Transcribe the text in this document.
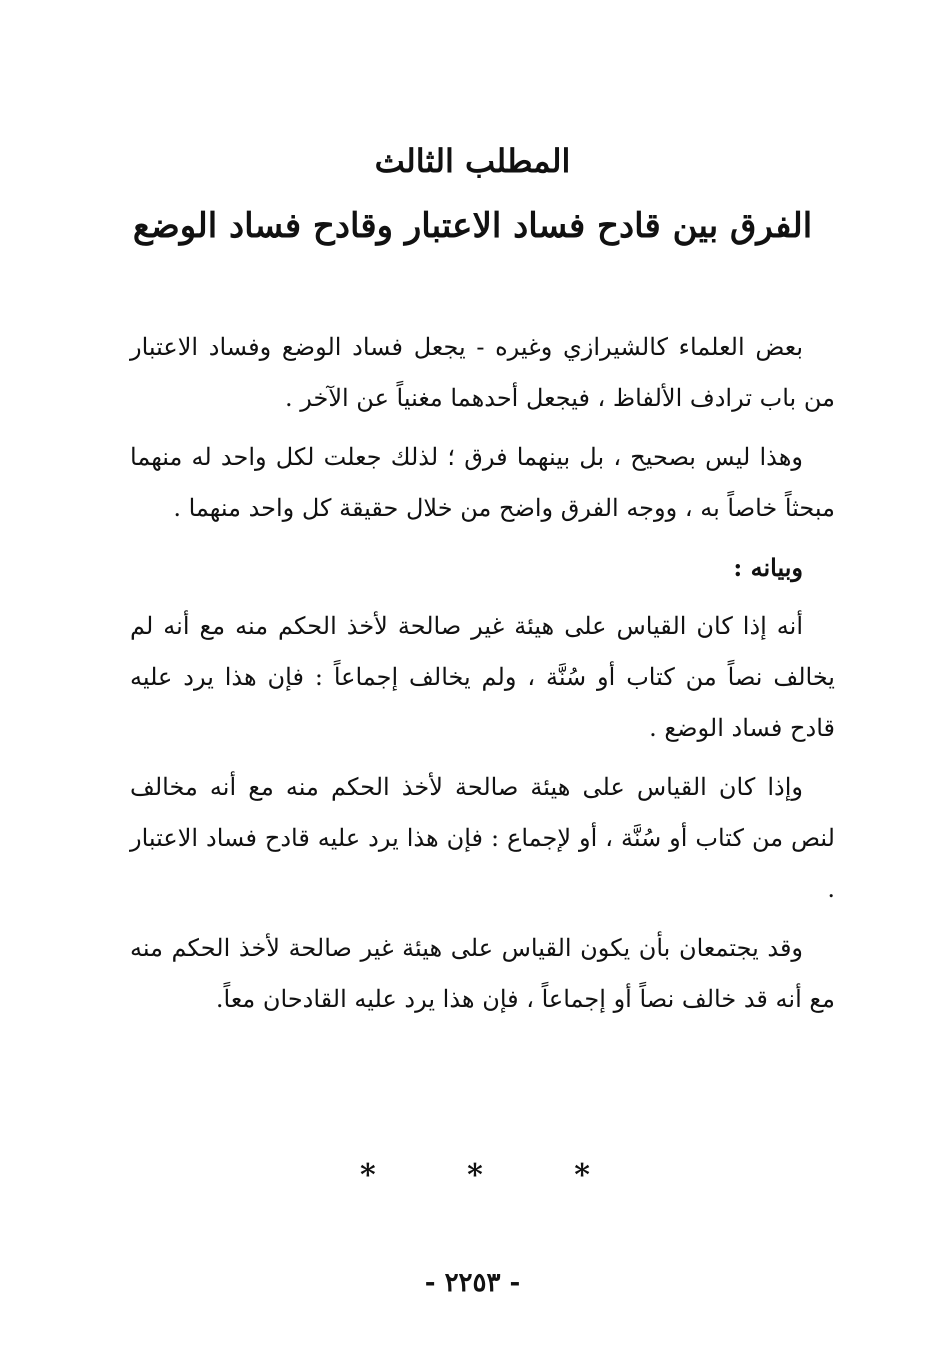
المطلب الثالث

الفرق بين قادح فساد الاعتبار وقادح فساد الوضع

بعض العلماء كالشيرازي وغيره - يجعل فساد الوضع وفساد الاعتبار من باب ترادف الألفاظ ، فيجعل أحدهما مغنياً عن الآخر .

وهذا ليس بصحيح ، بل بينهما فرق ؛ لذلك جعلت لكل واحد له منهما مبحثاً خاصاً به ، ووجه الفرق واضح من خلال حقيقة كل واحد منهما .

وبيانه :

أنه إذا كان القياس على هيئة غير صالحة لأخذ الحكم منه مع أنه لم يخالف نصاً من كتاب أو سُنَّة ، ولم يخالف إجماعاً : فإن هذا يرد عليه قادح فساد الوضع .

وإذا كان القياس على هيئة صالحة لأخذ الحكم منه مع أنه مخالف لنص من كتاب أو سُنَّة ، أو لإجماع : فإن هذا يرد عليه قادح فساد الاعتبار .

وقد يجتمعان بأن يكون القياس على هيئة غير صالحة لأخذ الحكم منه مع أنه قد خالف نصاً أو إجماعاً ، فإن هذا يرد عليه القادحان معاً.

*
*
*
- ٢٢٥٣ -
